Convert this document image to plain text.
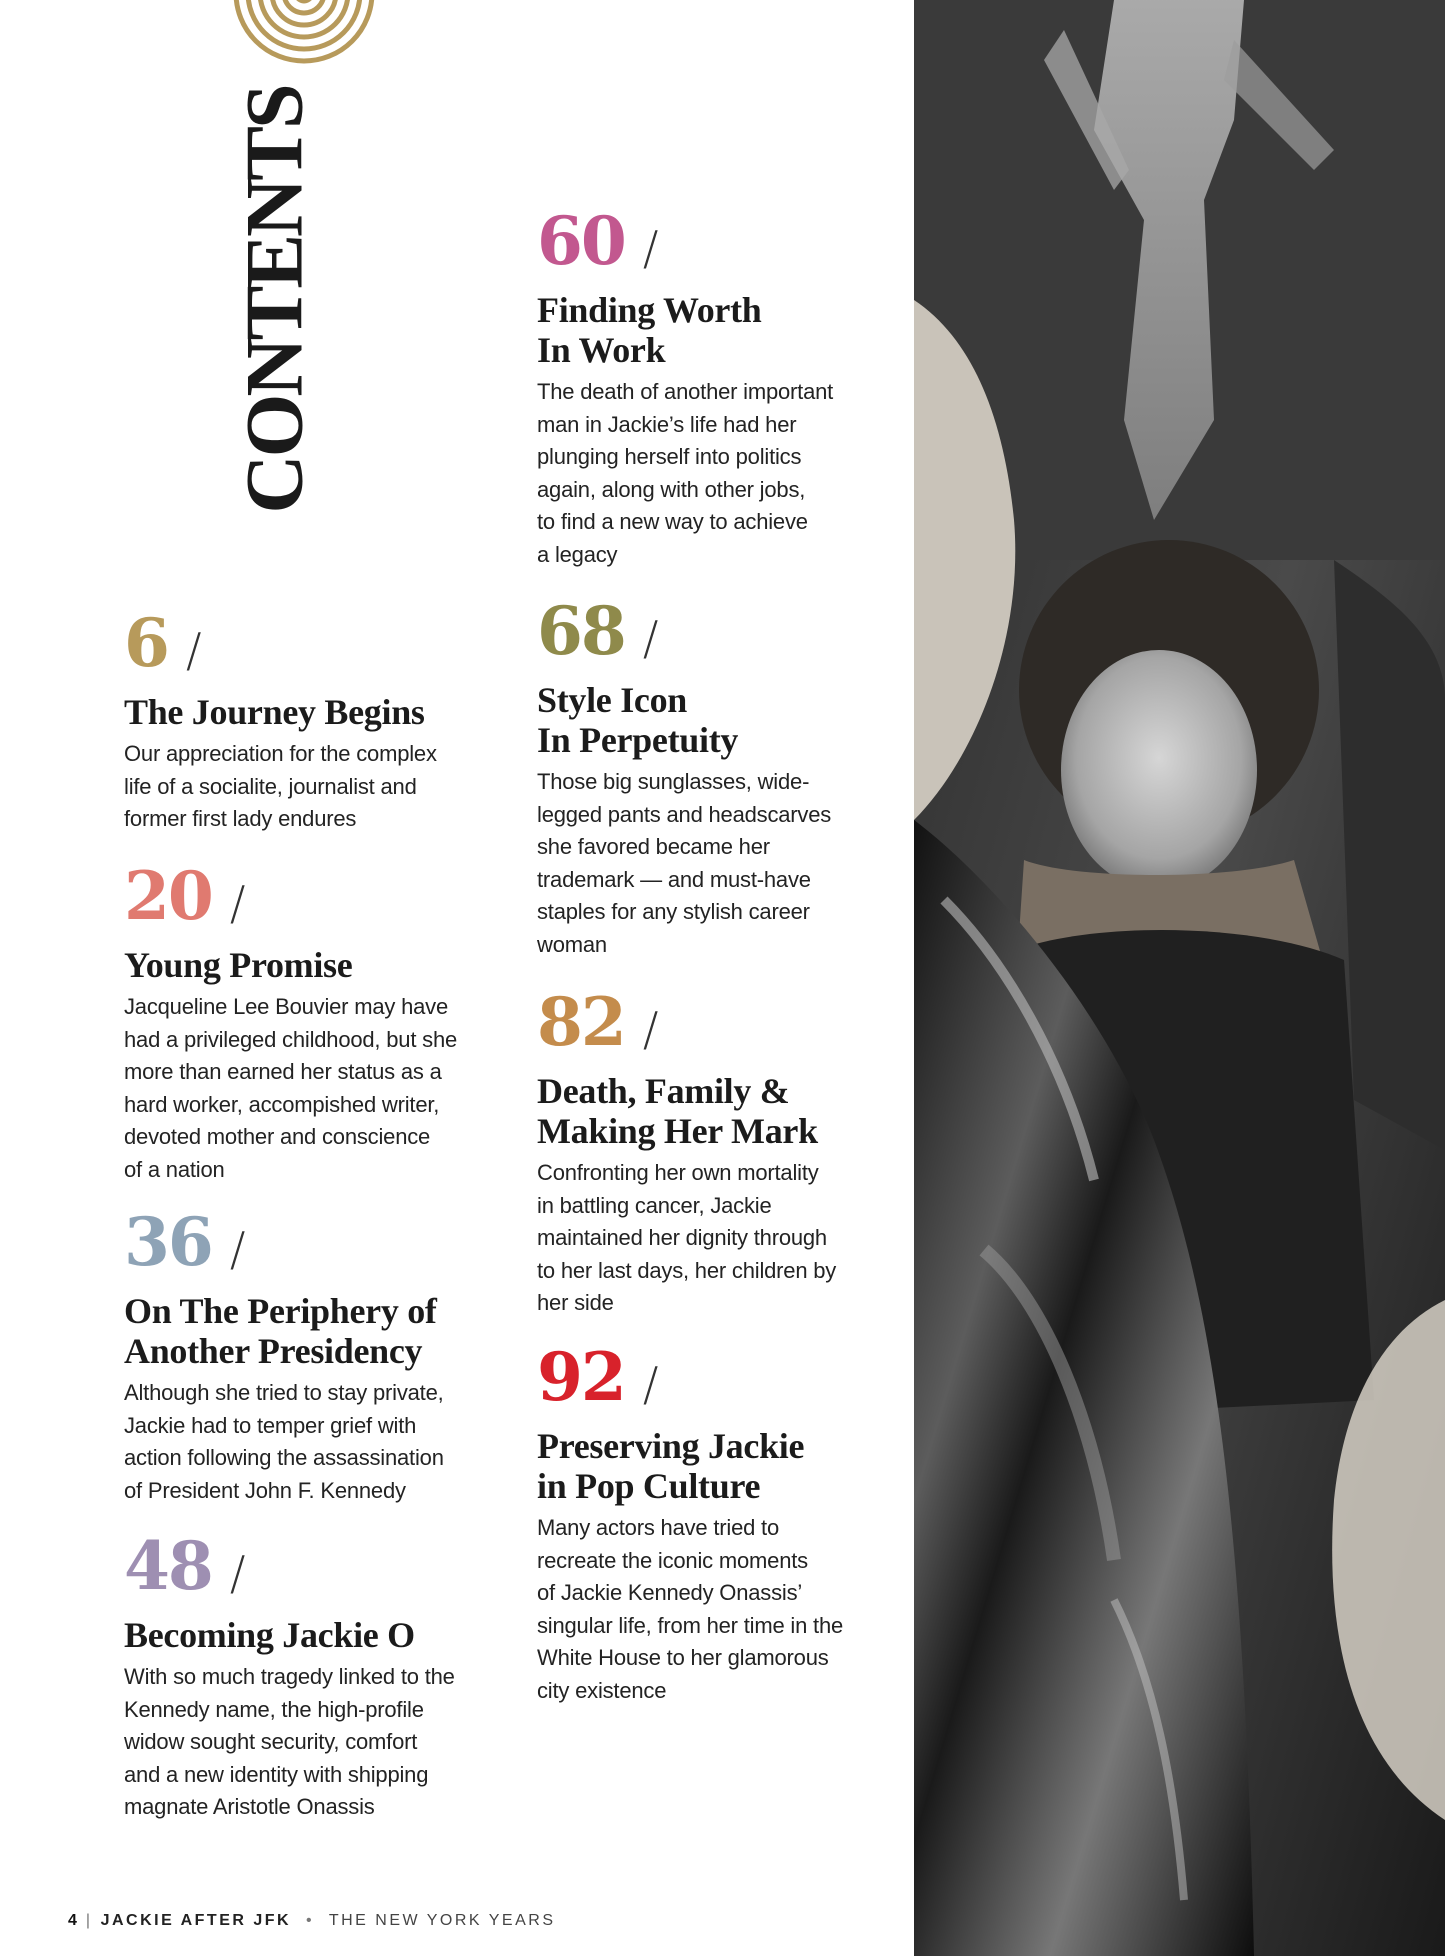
CONTENTS
6 /
The Journey Begins
Our appreciation for the complex
life of a socialite, journalist and
former first lady endures
20 /
Young Promise
Jacqueline Lee Bouvier may have
had a privileged childhood, but she
more than earned her status as a
hard worker, accompished writer,
devoted mother and conscience
of a nation
36 /
On The Periphery of
Another Presidency
Although she tried to stay private,
Jackie had to temper grief with
action following the assassination
of President John F. Kennedy
48 /
Becoming Jackie O
With so much tragedy linked to the
Kennedy name, the high-profile
widow sought security, comfort
and a new identity with shipping
magnate Aristotle Onassis
60 /
Finding Worth
In Work
The death of another important
man in Jackie’s life had her
plunging herself into politics
again, along with other jobs,
to find a new way to achieve
a legacy
68 /
Style Icon
In Perpetuity
Those big sunglasses, wide-
legged pants and headscarves
she favored became her
trademark — and must-have
staples for any stylish career
woman
82 /
Death, Family &
Making Her Mark
Confronting her own mortality
in battling cancer, Jackie
maintained her dignity through
to her last days, her children by
her side
92 /
Preserving Jackie
in Pop Culture
Many actors have tried to
recreate the iconic moments
of Jackie Kennedy Onassis’
singular life, from her time in the
White House to her glamorous
city existence
4 | JACKIE AFTER JFK • THE NEW YORK YEARS
